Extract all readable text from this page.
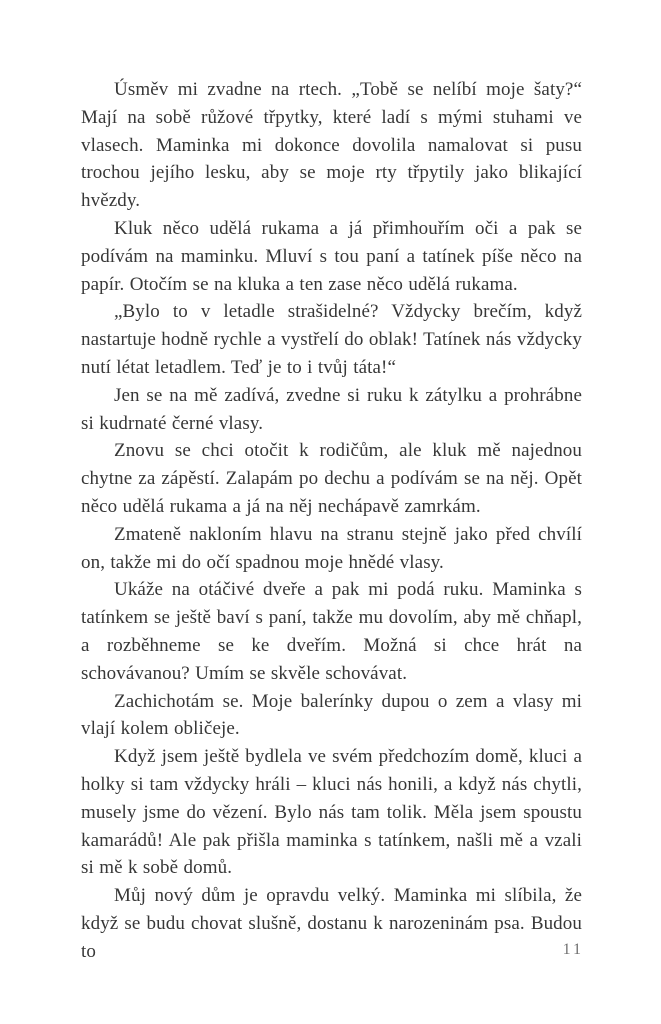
Úsměv mi zvadne na rtech. „Tobě se nelíbí moje šaty?“ Mají na sobě růžové třpytky, které ladí s mými stuhami ve vlasech. Maminka mi dokonce dovolila namalovat si pusu trochou jejího lesku, aby se moje rty třpytily jako blikající hvězdy.

Kluk něco udělá rukama a já přimhouřím oči a pak se podívám na maminku. Mluví s tou paní a tatínek píše něco na papír. Otočím se na kluka a ten zase něco udělá rukama.

„Bylo to v letadle strašidelné? Vždycky brečím, když nastartuje hodně rychle a vystřelí do oblak! Tatínek nás vždycky nutí létat letadlem. Teď je to i tvůj táta!“

Jen se na mě zadívá, zvedne si ruku k zátylku a prohrábne si kudrnaté černé vlasy.

Znovu se chci otočit k rodičům, ale kluk mě najednou chytne za zápěstí. Zalapám po dechu a podívám se na něj. Opět něco udělá rukama a já na něj nechápavě zamrkám.

Zmateně nakloním hlavu na stranu stejně jako před chvílí on, takže mi do očí spadnou moje hnědé vlasy.

Ukáže na otáčivé dveře a pak mi podá ruku. Maminka s tatínkem se ještě baví s paní, takže mu dovolím, aby mě chňapl, a rozběhneme se ke dveřím. Možná si chce hrát na schovávanou? Umím se skvěle schovávat.

Zachichotám se. Moje balerínky dupou o zem a vlasy mi vlají kolem obličeje.

Když jsem ještě bydlela ve svém předchozím domě, kluci a holky si tam vždycky hráli – kluci nás honili, a když nás chytli, musely jsme do vězení. Bylo nás tam tolik. Měla jsem spoustu kamarádů! Ale pak přišla maminka s tatínkem, našli mě a vzali si mě k sobě domů.

Můj nový dům je opravdu velký. Maminka mi slíbila, že když se budu chovat slušně, dostanu k narozeninám psa. Budou to	11
